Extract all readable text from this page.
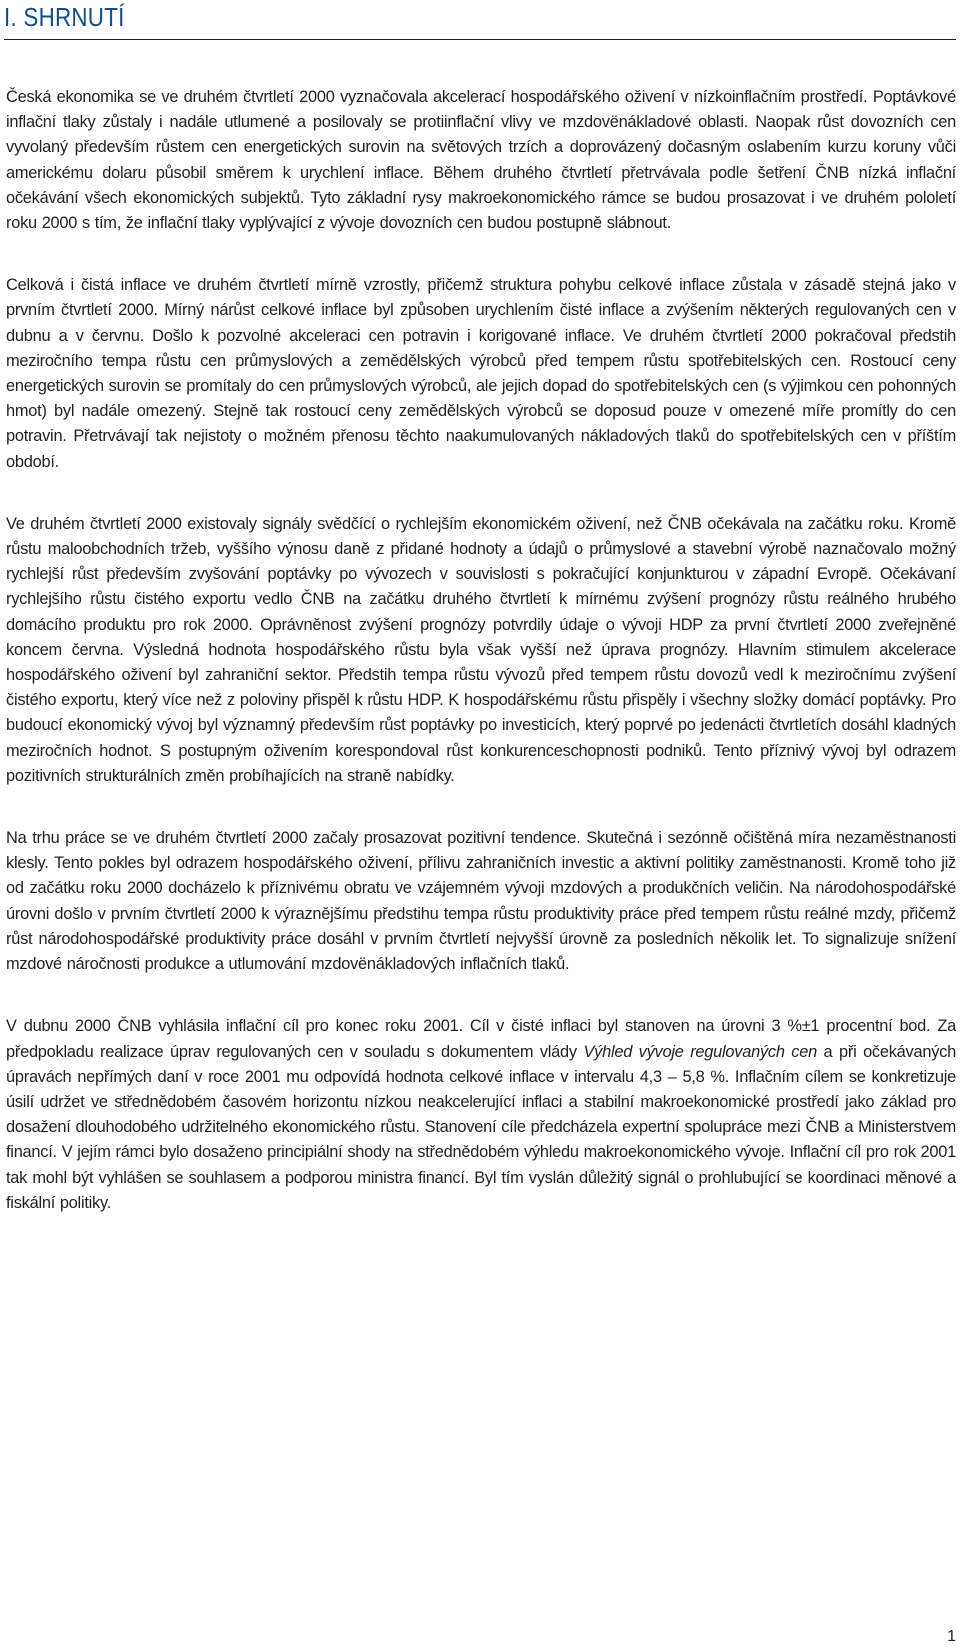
I. SHRNUTÍ

Česká ekonomika se ve druhém čtvrtletí 2000 vyznačovala akcelerací hospodářského oživení v nízkoinflačním prostředí. Poptávkové inflační tlaky zůstaly i nadále utlumené a posilovaly se protiinflační vlivy ve mzdovënákladové oblasti. Naopak růst dovozních cen vyvolaný především růstem cen energetických surovin na světových trzích a doprovázený dočasným oslabením kurzu koruny vůči americkému dolaru působil směrem k urychlení inflace. Během druhého čtvrtletí přetrvávala podle šetření ČNB nízká inflační očekávání všech ekonomických subjektů. Tyto základní rysy makroekonomického rámce se budou prosazovat i ve druhém pololetí roku 2000 s tím, že inflační tlaky vyplývající z vývoje dovozních cen budou postupně slábnout.

Celková i čistá inflace ve druhém čtvrtletí mírně vzrostly, přičemž struktura pohybu celkové inflace zůstala v zásadě stejná jako v prvním čtvrtletí 2000. Mírný nárůst celkové inflace byl způsoben urychlením čisté inflace a zvýšením některých regulovaných cen v dubnu a v červnu. Došlo k pozvolné akceleraci cen potravin i korigované inflace. Ve druhém čtvrtletí 2000 pokračoval předstih meziročního tempa růstu cen průmyslových a zemědělských výrobců před tempem růstu spotřebitelských cen. Rostoucí ceny energetických surovin se promítaly do cen průmyslových výrobců, ale jejich dopad do spotřebitelských cen (s výjimkou cen pohonných hmot) byl nadále omezený. Stejně tak rostoucí ceny zemědělských výrobců se doposud pouze v omezené míře promítly do cen potravin. Přetrvávají tak nejistoty o možném přenosu těchto naakumulovaných nákladových tlaků do spotřebitelských cen v příštím období.

Ve druhém čtvrtletí 2000 existovaly signály svědčící o rychlejším ekonomickém oživení, než ČNB očekávala na začátku roku. Kromě růstu maloobchodních tržeb, vyššího výnosu daně z přidané hodnoty a údajů o průmyslové a stavební výrobě naznačovalo možný rychlejší růst především zvyšování poptávky po vývozech v souvislosti s pokračující konjunkturou v západní Evropě. Očekávaní rychlejšího růstu čistého exportu vedlo ČNB na začátku druhého čtvrtletí k mírnému zvýšení prognózy růstu reálného hrubého domácího produktu pro rok 2000. Oprávněnost zvýšení prognózy potvrdily údaje o vývoji HDP za první čtvrtletí 2000 zveřejněné koncem června. Výsledná hodnota hospodářského růstu byla však vyšší než úprava prognózy. Hlavním stimulem akcelerace hospodářského oživení byl zahraniční sektor. Předstih tempa růstu vývozů před tempem růstu dovozů vedl k meziročnímu zvýšení čistého exportu, který více než z poloviny přispěl k růstu HDP. K hospodářskému růstu přispěly i všechny složky domácí poptávky. Pro budoucí ekonomický vývoj byl významný především růst poptávky po investicích, který poprvé po jedenácti čtvrtletích dosáhl kladných meziročních hodnot. S postupným oživením korespondoval růst konkurenceschopnosti podniků. Tento příznivý vývoj byl odrazem pozitivních strukturálních změn probíhajících na straně nabídky.

Na trhu práce se ve druhém čtvrtletí 2000 začaly prosazovat pozitivní tendence. Skutečná i sezónně očištěná míra nezaměstnanosti klesly. Tento pokles byl odrazem hospodářského oživení, přílivu zahraničních investic a aktivní politiky zaměstnanosti. Kromě toho již od začátku roku 2000 docházelo k příznivému obratu ve vzájemném vývoji mzdových a produkčních veličin. Na národohospodářské úrovni došlo v prvním čtvrtletí 2000 k výraznějšímu předstihu tempa růstu produktivity práce před tempem růstu reálné mzdy, přičemž růst národohospodářské produktivity práce dosáhl v prvním čtvrtletí nejvyšší úrovně za posledních několik let. To signalizuje snížení mzdové náročnosti produkce a utlumování mzdovënákladových inflačních tlaků.

V dubnu 2000 ČNB vyhlásila inflační cíl pro konec roku 2001. Cíl v čisté inflaci byl stanoven na úrovni 3 %±1 procentní bod. Za předpokladu realizace úprav regulovaných cen v souladu s dokumentem vlády Výhled vývoje regulovaných cen a při očekávaných úpravách nepřímých daní v roce 2001 mu odpovídá hodnota celkové inflace v intervalu 4,3 – 5,8 %. Inflačním cílem se konkretizuje úsilí udržet ve střednědobém časovém horizontu nízkou neakcelerující inflaci a stabilní makroekonomické prostředí jako základ pro dosažení dlouhodobého udržitelného ekonomického růstu. Stanovení cíle předcházela expertní spolupráce mezi ČNB a Ministerstvem financí. V jejím rámci bylo dosaženo principiální shody na střednědobém výhledu makroekonomického vývoje. Inflační cíl pro rok 2001 tak mohl být vyhlášen se souhlasem a podporou ministra financí. Byl tím vyslán důležitý signál o prohlubující se koordinaci měnové a fiskální politiky.

1
